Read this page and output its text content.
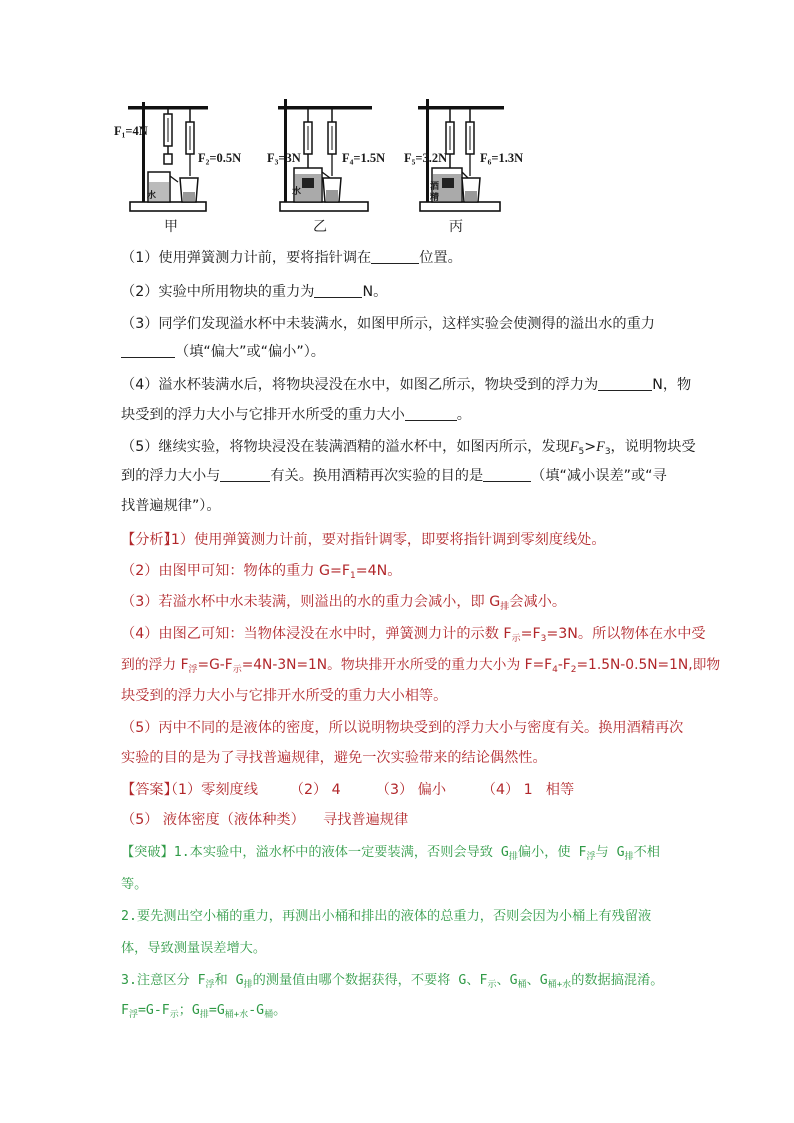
F₁=4N
F₂=0.5N
水
甲
F₃=3N	F₄=1.5N
水
乙
F₅=3.2N	F₆=1.3N
酒
精
丙
（1）使用弹簧测力计前，要将指针调在	位置。
（2）实验中所用物块的重力为	N。
（3）同学们发现溢水杯中未装满水，如图甲所示，这样实验会使测得的溢出水的重力
（填“偏大”或“偏小”）。
（4）溢水杯装满水后，将物块浸没在水中，如图乙所示，物块受到的浮力为	N，物
块受到的浮力大小与它排开水所受的重力大小	。
（5）继续实验，将物块浸没在装满酒精的溢水杯中，如图丙所示，发现$F_5>F_3$，说明物块受
到的浮力大小与	有关。换用酒精再次实验的目的是	（填“减小误差”或“寻
找普遍规律”）。
【分析】（1）使用弹簧测力计前，要对指针调零，即要将指针调到零刻度线处。
（2）由图甲可知：物体的重力 $G=F_1=4N$。
（3）若溢水杯中水未装满，则溢出的水的重力会减小，即 $G_排$会减小。
（4）由图乙可知：当物体浸没在水中时，弹簧测力计的示数 $F_示=F_3=3N$。所以物体在水中受
到的浮力 $F_浮=G-F_示=4N-3N=1N$。物块排开水所受的重力大小为 $F=F_4-F_2=1.5N-0.5N=1N$,即物
块受到的浮力大小与它排开水所受的重力大小相等。
（5）丙中不同的是液体的密度，所以说明物块受到的浮力大小与密度有关。换用酒精再次
实验的目的是为了寻找普遍规律，避免一次实验带来的结论偶然性。
【答案】（1）零刻度线 （2） 4 （3） 偏小	（4） 1 相等
（5） 液体密度（液体种类） 寻找普遍规律
【突破】1.本实验中，溢水杯中的液体一定要装满，否则会导致 $G_排$偏小，使 $F_浮$与 $G_排$不相
等。
2.要先测出空小桶的重力，再测出小桶和排出的液体的总重力，否则会因为小桶上有残留液
体，导致测量误差增大。
3.注意区分 $F_浮$和 $G_排$的测量值由哪个数据获得，不要将 G、$F_示$、$G_桶$、$G_{桶+水}$的数据搞混淆。
$F_浮=G-F_示$；$G_排=G_{桶+水}-G_桶$。
